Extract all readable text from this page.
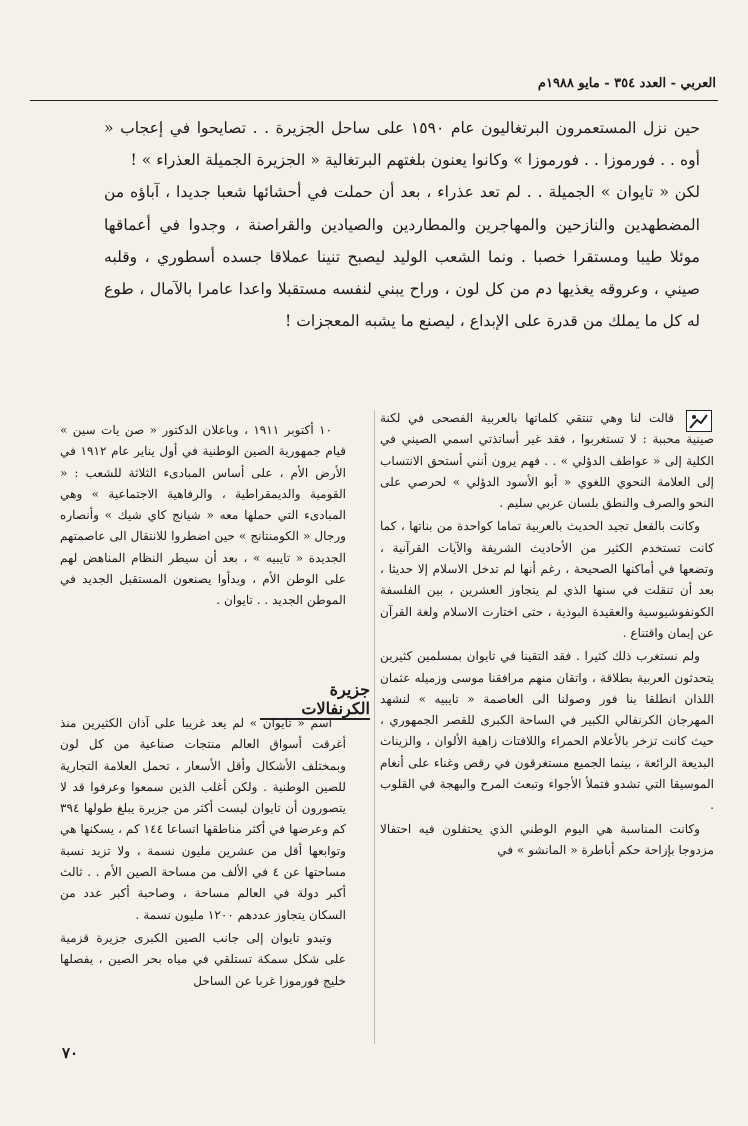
العربي - العدد ٣٥٤ - مايو ١٩٨٨م

حين نزل المستعمرون البرتغاليون عام ١٥٩٠ على ساحل الجزيرة . . تصايحوا في إعجاب « أوه . . فورموزا . . فورموزا » وكانوا يعنون بلغتهم البرتغالية « الجزيرة الجميلة العذراء » !

لكن « تايوان » الجميلة . . لم تعد عذراء ، بعد أن حملت في أحشائها شعبا جديدا ، آباؤه من المضطهدين والنازحين والمهاجرين والمطاردين والصيادين والقراصنة ، وجدوا في أعماقها موئلا طيبا ومستقرا خصبا . ونما الشعب الوليد ليصبح تنينا عملاقا جسده أسطوري ، وقلبه صيني ، وعروقه يغذيها دم من كل لون ، وراح يبني لنفسه مستقبلا واعدا عامرا بالآمال ، طوع له كل ما يملك من قدرة على الإبداع ، ليصنع ما يشبه المعجزات !

قالت لنا وهي تنتقي كلماتها بالعربية الفصحى في لكنة صينية محببة : لا تستغربوا ، فقد غير أساتذتي اسمي الصيني في الكلية إلى « عواطف الدؤلي » . . فهم يرون أنني أستحق الانتساب إلى العلامة النحوي اللغوي « أبو الأسود الدؤلي » لحرصي على النحو والصرف والنطق بلسان عربي سليم .

وكانت بالفعل تجيد الحديث بالعربية تماما كواحدة من بناتها ، كما كانت تستخدم الكثير من الأحاديث الشريفة والآيات القرآنية ، وتضعها في أماكنها الصحيحة ، رغم أنها لم تدخل الاسلام إلا حديثا ، بعد أن تنقلت في سنها الذي لم يتجاوز العشرين ، بين الفلسفة الكونفوشيوسية والعقيدة البوذية ، حتى اختارت الاسلام ولغة القرآن عن إيمان واقتناع .

ولم نستغرب ذلك كثيرا . فقد التقينا في تايوان بمسلمين كثيرين يتحدثون العربية بطلاقة ، واتقان منهم مرافقنا موسى وزميله عثمان اللذان انطلقا بنا فور وصولنا الى العاصمة « تايبيه » لنشهد المهرجان الكرنفالي الكبير في الساحة الكبرى للقصر الجمهوري ، حيث كانت تزخر بالأعلام الحمراء واللافتات زاهية الألوان ، والزينات البديعة الرائعة ، بينما الجميع مستغرقون في رقص وغناء على أنغام الموسيقا التي تشدو فتملأ الأجواء وتبعث المرح والبهجة في القلوب .

وكانت المناسبة هي اليوم الوطني الذي يحتفلون فيه احتفالا مزدوجا بإزاحة حكم أباطرة « المانشو » في

١٠ أكتوبر ١٩١١ ، وباعلان الدكتور « صن يات سين » قيام جمهورية الصين الوطنية في أول يناير عام ١٩١٢ في الأرض الأم ، على أساس المبادىء الثلاثة للشعب : « القومية والديمقراطية ، والرفاهية الاجتماعية » وهي المبادىء التي حملها معه « شيانج كاي شيك » وأنصاره ورجال « الكومنتانج » حين اضطروا للانتقال الى عاصمتهم الجديدة « تايبيه » ، بعد أن سيطر النظام المناهض لهم على الوطن الأم ، وبدأوا يصنعون المستقبل الجديد في الموطن الجديد . . تايوان .

جزيرة الكرنفالات

اسم « تايوان » لم يعد غريبا على آذان الكثيرين منذ أغرقت أسواق العالم منتجات صناعية من كل لون وبمختلف الأشكال وأقل الأسعار ، تحمل العلامة التجارية للصين الوطنية . ولكن أغلب الذين سمعوا وعرفوا قد لا يتصورون أن تايوان ليست أكثر من جزيرة يبلغ طولها ٣٩٤ كم وعرضها في أكثر مناطقها اتساعا ١٤٤ كم ، يسكنها هي وتوابعها أقل من عشرين مليون نسمة ، ولا تزيد نسبة مساحتها عن ٤ في الألف من مساحة الصين الأم . . ثالث أكبر دولة في العالم مساحة ، وصاحبة أكبر عدد من السكان يتجاوز عددهم ١٢٠٠ مليون نسمة .

وتبدو تايوان إلى جانب الصين الكبرى جزيرة قزمية على شكل سمكة تستلقي في مياه بحر الصين ، يفصلها خليج فورموزا غربا عن الساحل

٧٠
